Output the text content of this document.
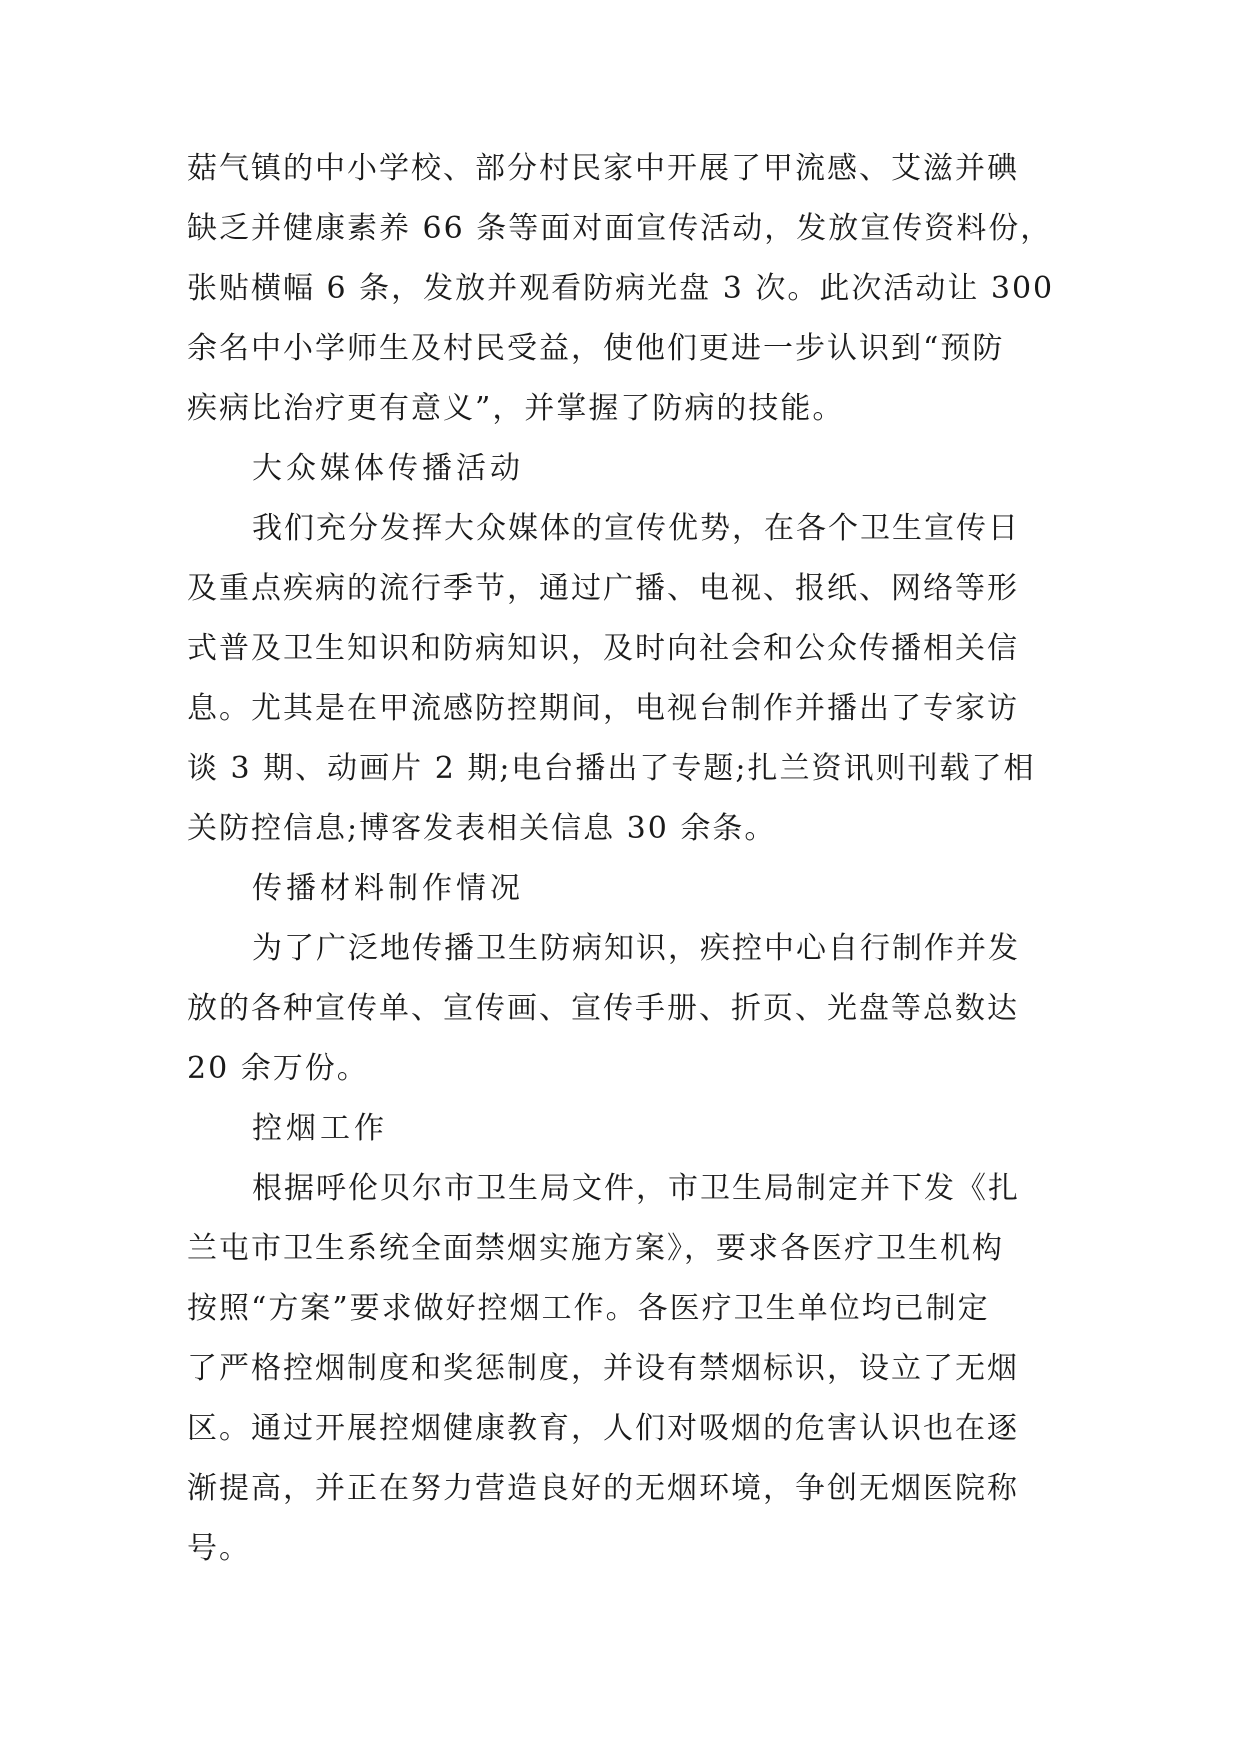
菇气镇的中小学校、部分村民家中开展了甲流感、艾滋并碘
缺乏并健康素养 66 条等面对面宣传活动，发放宣传资料份，
张贴横幅 6 条，发放并观看防病光盘 3 次。此次活动让 300
余名中小学师生及村民受益，使他们更进一步认识到“预防
疾病比治疗更有意义”，并掌握了防病的技能。
大众媒体传播活动
我们充分发挥大众媒体的宣传优势，在各个卫生宣传日
及重点疾病的流行季节，通过广播、电视、报纸、网络等形
式普及卫生知识和防病知识，及时向社会和公众传播相关信
息。尤其是在甲流感防控期间，电视台制作并播出了专家访
谈 3 期、动画片 2 期;电台播出了专题;扎兰资讯则刊载了相
关防控信息;博客发表相关信息 30 余条。
传播材料制作情况
为了广泛地传播卫生防病知识，疾控中心自行制作并发
放的各种宣传单、宣传画、宣传手册、折页、光盘等总数达
20 余万份。
控烟工作
根据呼伦贝尔市卫生局文件，市卫生局制定并下发《扎
兰屯市卫生系统全面禁烟实施方案》，要求各医疗卫生机构
按照“方案”要求做好控烟工作。各医疗卫生单位均已制定
了严格控烟制度和奖惩制度，并设有禁烟标识，设立了无烟
区。通过开展控烟健康教育，人们对吸烟的危害认识也在逐
渐提高，并正在努力营造良好的无烟环境，争创无烟医院称
号。
